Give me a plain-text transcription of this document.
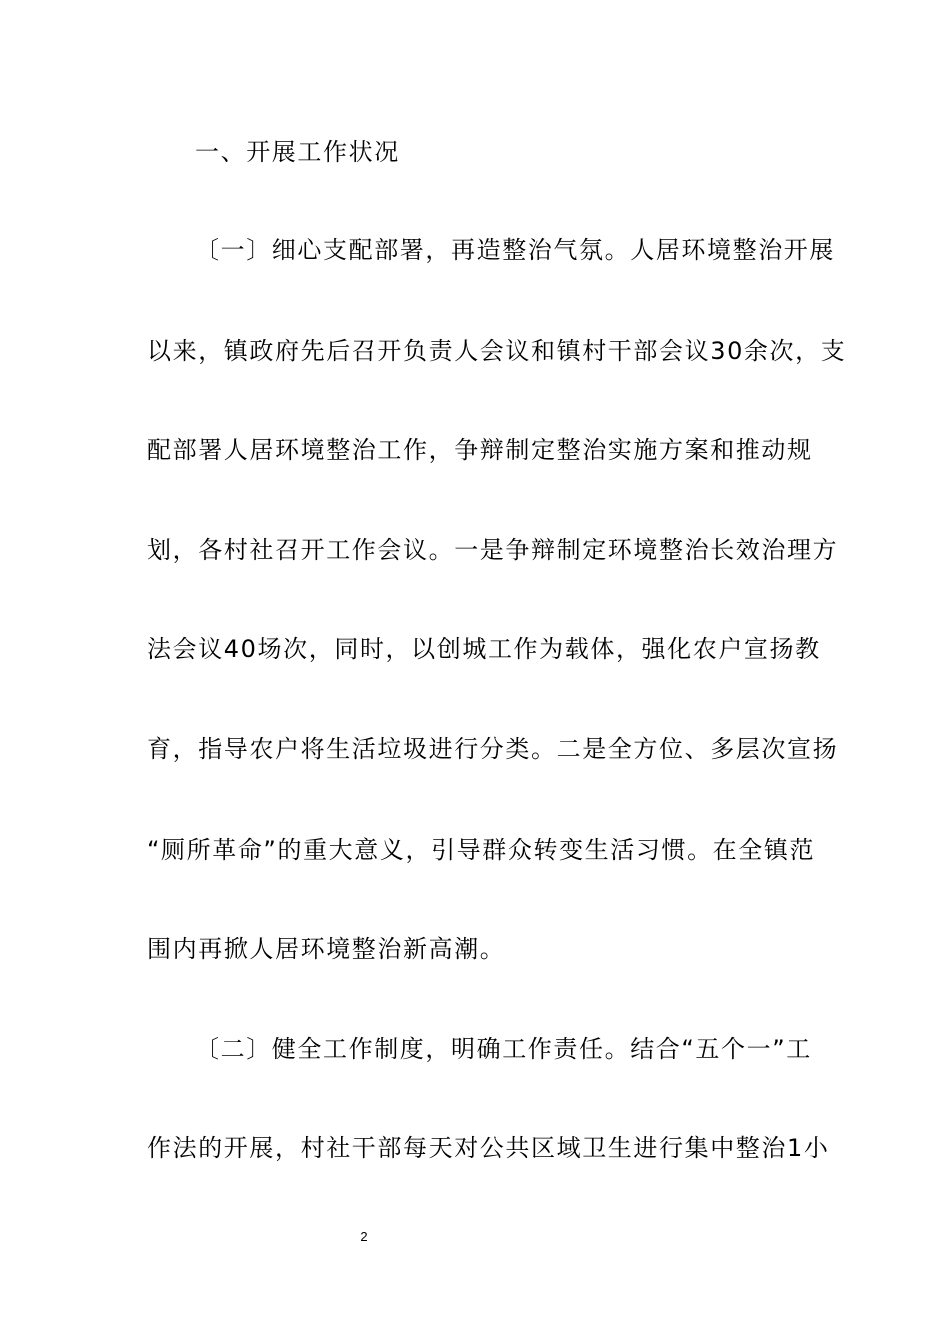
一、开展工作状况
〔一〕细心支配部署，再造整治气氛。人居环境整治开展
以来，镇政府先后召开负责人会议和镇村干部会议30余次，支
配部署人居环境整治工作，争辩制定整治实施方案和推动规
划，各村社召开工作会议。一是争辩制定环境整治长效治理方
法会议40场次，同时，以创城工作为载体，强化农户宣扬教
育，指导农户将生活垃圾进行分类。二是全方位、多层次宣扬
“厕所革命”的重大意义，引导群众转变生活习惯。在全镇范
围内再掀人居环境整治新高潮。
〔二〕健全工作制度，明确工作责任。结合“五个一”工
作法的开展，村社干部每天对公共区域卫生进行集中整治1小
2
